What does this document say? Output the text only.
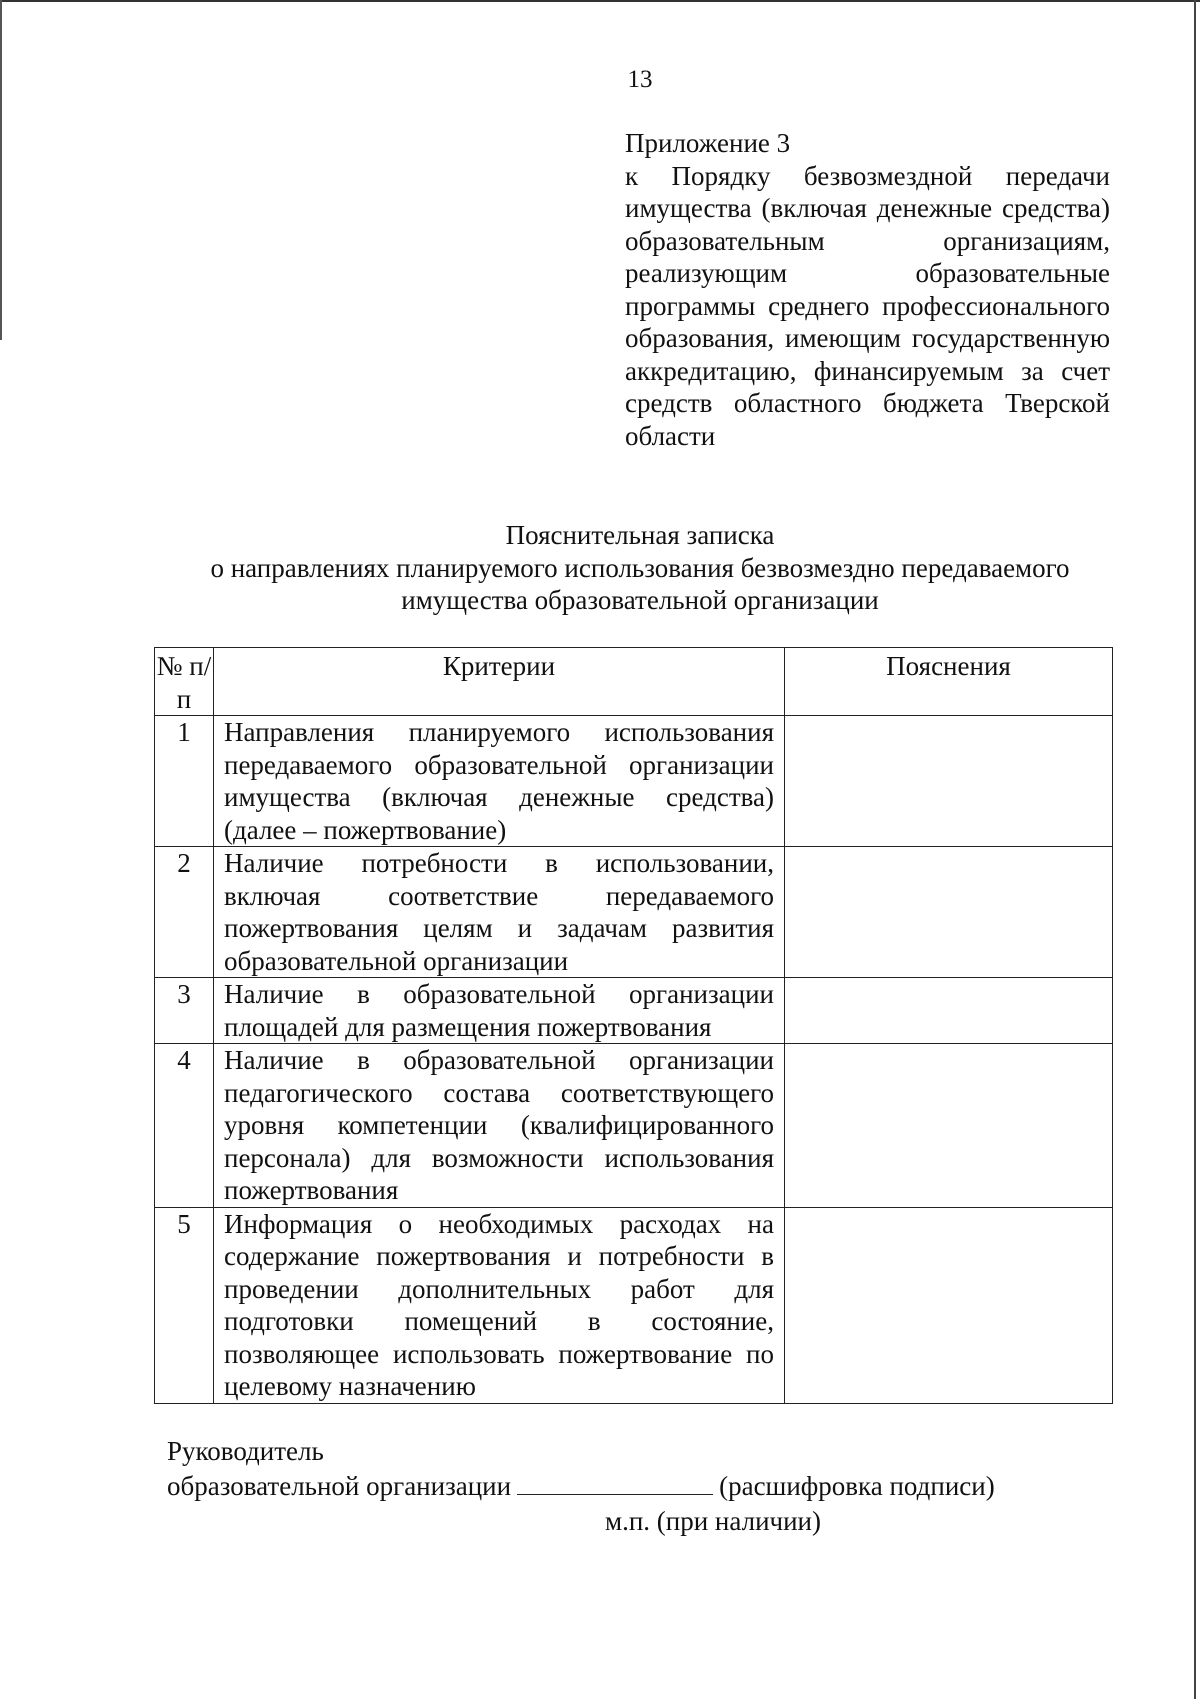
13
Приложение 3
к Порядку безвозмездной передачи имущества (включая денежные средства) образовательным организациям, реализующим образовательные программы среднего профессионального образования, имеющим государственную аккредитацию, финансируемым за счет средств областного бюджета Тверской области
Пояснительная записка
о направлениях планируемого использования безвозмездно передаваемого
имущества образовательной организации
№ п/п	Критерии	Пояснения
1	Направления планируемого использования передаваемого образовательной организации имущества (включая денежные средства) (далее – пожертвование)	
2	Наличие потребности в использовании, включая соответствие передаваемого пожертвования целям и задачам развития образовательной организации	
3	Наличие в образовательной организации площадей для размещения пожертвования	
4	Наличие в образовательной организации педагогического состава соответствующего уровня компетенции (квалифицированного персонала) для возможности использования пожертвования	
5	Информация о необходимых расходах на содержание пожертвования и потребности в проведении дополнительных работ для подготовки помещений в состояние, позволяющее использовать пожертвование по целевому назначению	
Руководитель
образовательной организации	(расшифровка подписи)
м.п. (при наличии)
